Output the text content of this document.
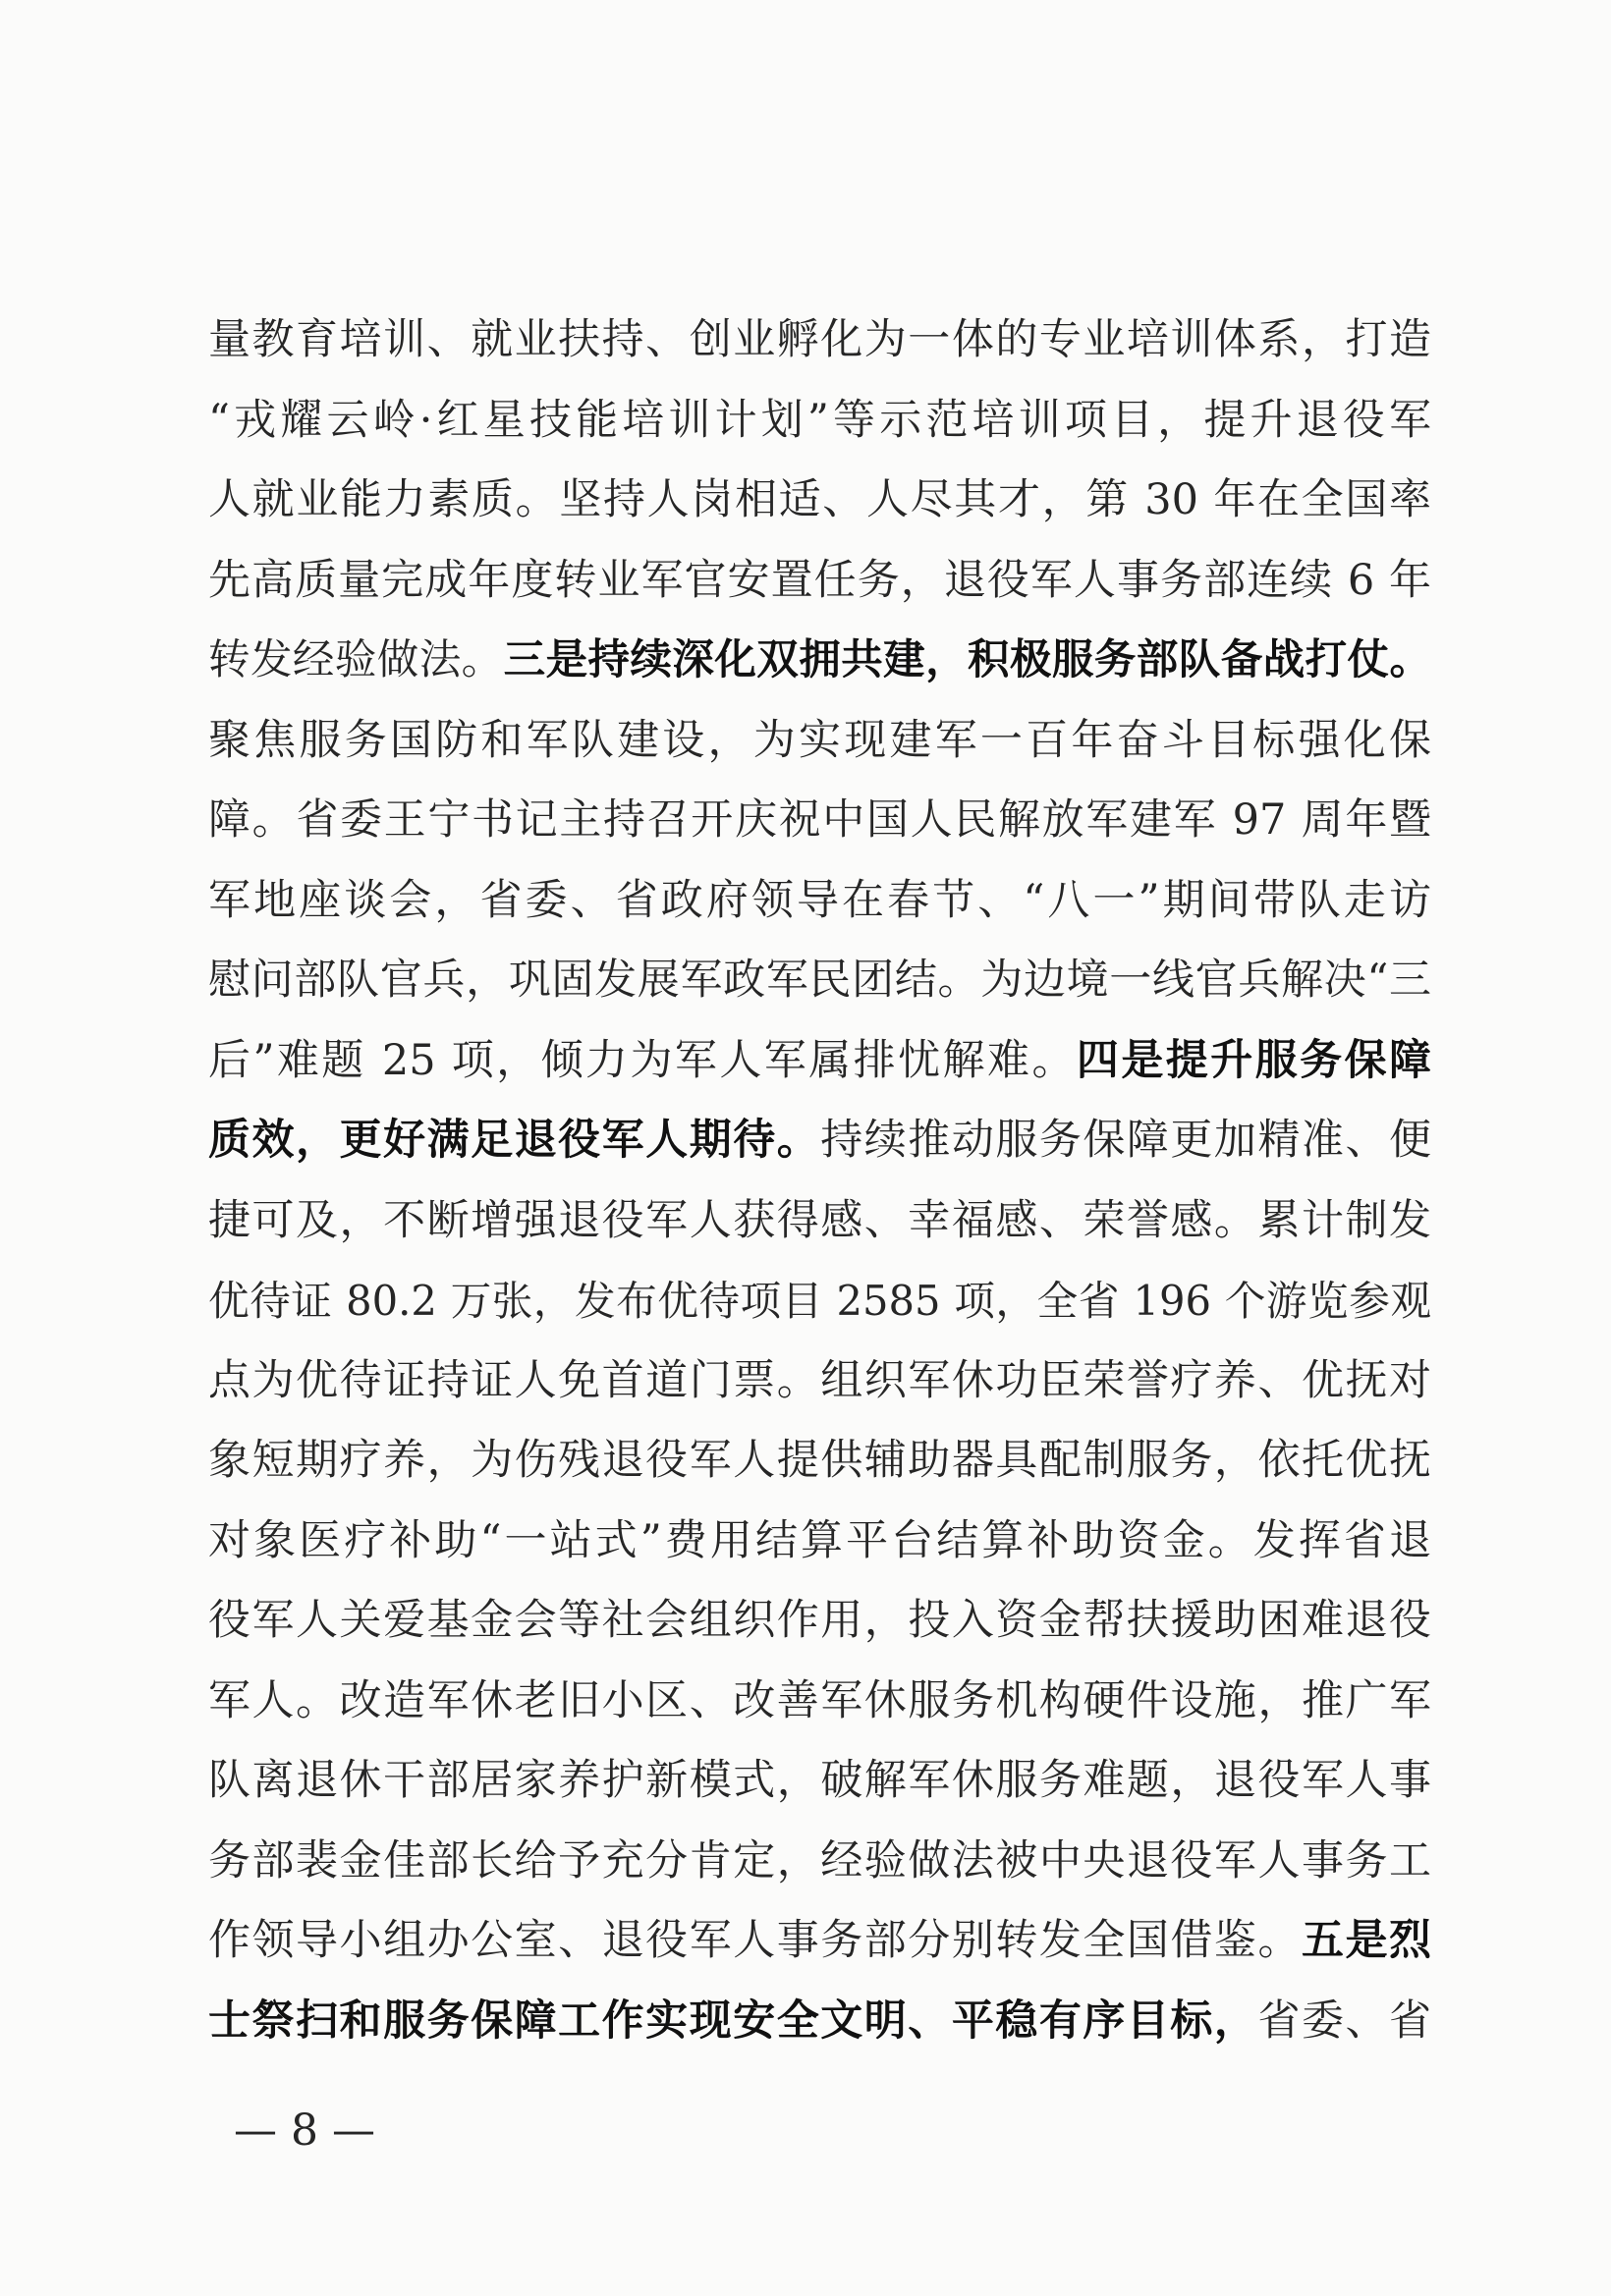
量教育培训、就业扶持、创业孵化为一体的专业培训体系，打造
“戎耀云岭·红星技能培训计划”等示范培训项目，提升退役军
人就业能力素质。坚持人岗相适、人尽其才，第 30 年在全国率
先高质量完成年度转业军官安置任务，退役军人事务部连续 6 年
转发经验做法。三是持续深化双拥共建，积极服务部队备战打仗。
聚焦服务国防和军队建设，为实现建军一百年奋斗目标强化保
障。省委王宁书记主持召开庆祝中国人民解放军建军 97 周年暨
军地座谈会，省委、省政府领导在春节、“八一”期间带队走访
慰问部队官兵，巩固发展军政军民团结。为边境一线官兵解决“三
后”难题 25 项，倾力为军人军属排忧解难。四是提升服务保障
质效，更好满足退役军人期待。持续推动服务保障更加精准、便
捷可及，不断增强退役军人获得感、幸福感、荣誉感。累计制发
优待证 80.2 万张，发布优待项目 2585 项，全省 196 个游览参观
点为优待证持证人免首道门票。组织军休功臣荣誉疗养、优抚对
象短期疗养，为伤残退役军人提供辅助器具配制服务，依托优抚
对象医疗补助“一站式”费用结算平台结算补助资金。发挥省退
役军人关爱基金会等社会组织作用，投入资金帮扶援助困难退役
军人。改造军休老旧小区、改善军休服务机构硬件设施，推广军
队离退休干部居家养护新模式，破解军休服务难题，退役军人事
务部裴金佳部长给予充分肯定，经验做法被中央退役军人事务工
作领导小组办公室、退役军人事务部分别转发全国借鉴。五是烈
士祭扫和服务保障工作实现安全文明、平稳有序目标，省委、省
— 8 —
